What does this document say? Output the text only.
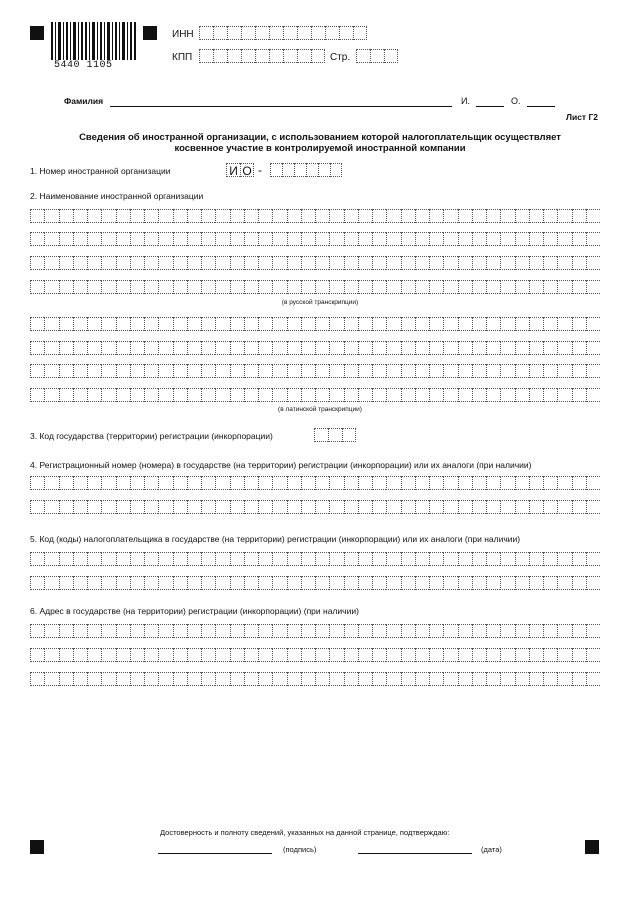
5440 1105
ИНН
КПП	Стр.
Фамилия	И.	О.
Лист Г2
Сведения об иностранной организации, с использованием которой налогоплательщик осуществляет
косвенное участие в контролируемой иностранной компании
1. Номер иностранной организации	И О -
2. Наименование иностранной организации
(в русской транскрипции)
(в латинской транскрипции)
3. Код государства (территории) регистрации (инкорпорации)
4. Регистрационный номер (номера) в государстве (на территории) регистрации (инкорпорации) или их аналоги (при наличии)
5. Код (коды) налогоплательщика в государстве (на территории) регистрации (инкорпорации) или их аналоги (при наличии)
6. Адрес в государстве (на территории) регистрации (инкорпорации) (при наличии)
Достоверность и полноту сведений, указанных на данной странице, подтверждаю:
(подпись)	(дата)
